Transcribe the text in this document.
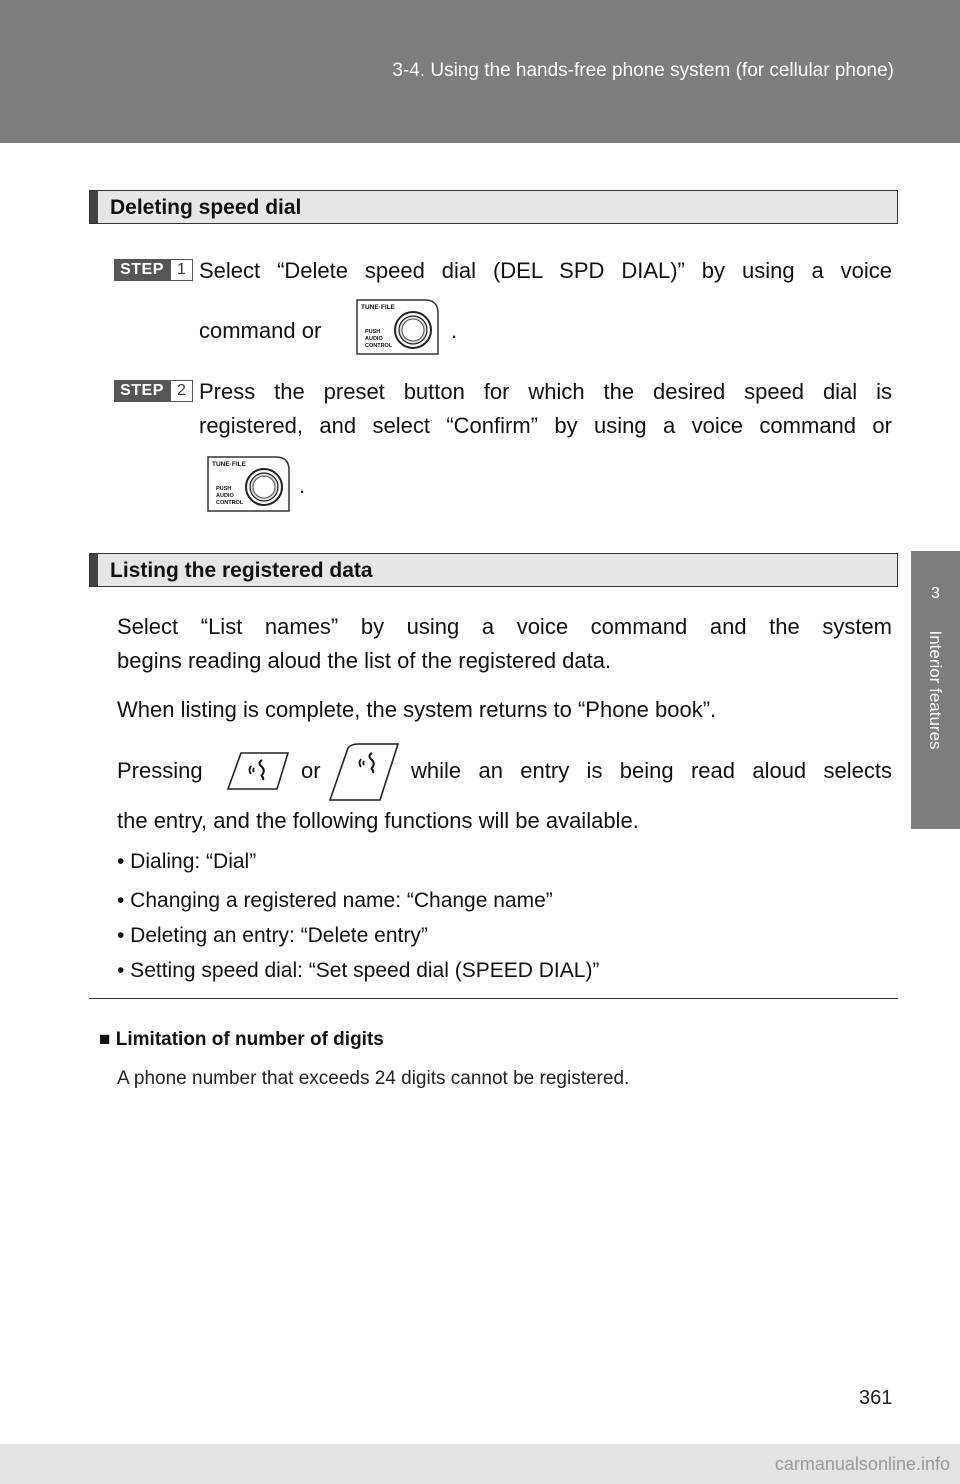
3-4. Using the hands-free phone system (for cellular phone)
3
Interior features
Deleting speed dial
STEP 1 Select “Delete speed dial (DEL SPD DIAL)” by using a voice
command or
TUNE·FILE
PUSH
AUDIO
CONTROL
.
STEP 2 Press the preset button for which the desired speed dial is
registered, and select “Confirm” by using a voice command or
TUNE·FILE
PUSH
AUDIO
CONTROL
.
Listing the registered data
Select “List names” by using a voice command and the system
begins reading aloud the list of the registered data.
When listing is complete, the system returns to “Phone book”.
Pressing	or	while an entry is being read aloud selects
the entry, and the following functions will be available.
• Dialing: “Dial”
• Changing a registered name: “Change name”
• Deleting an entry: “Delete entry”
• Setting speed dial: “Set speed dial (SPEED DIAL)”
■ Limitation of number of digits
A phone number that exceeds 24 digits cannot be registered.
361
carmanualsonline.info
